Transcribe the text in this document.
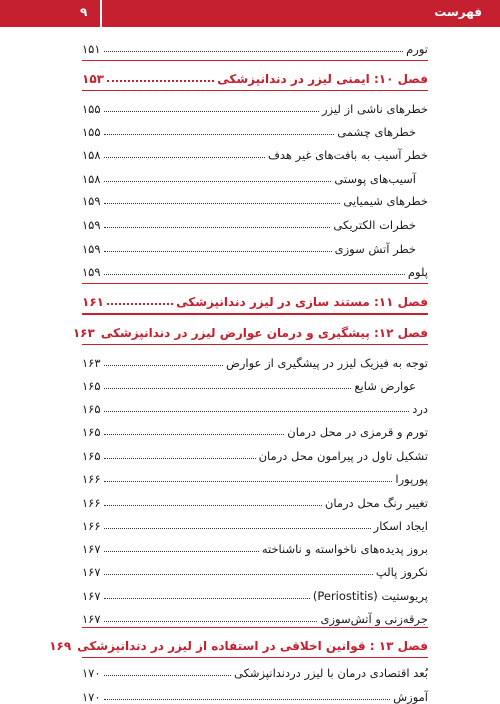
فهرست
۹
تورم
۱۵۱
فصل ۱۰: ایمنی لیزر در دندانپزشکی
۱۵۳
خطرهای ناشی از لیزر
۱۵۵
خطرهای چشمی
۱۵۵
خطر آسیب به بافت‌های غیر هدف
۱۵۸
آسیب‌های پوستی
۱۵۸
خطرهای شیمیایی
۱۵۹
خطرات الکتریکی
۱۵۹
خطر آتش سوزی
۱۵۹
پلوم
۱۵۹
فصل ۱۱: مستند سازی در لیزر دندانپزشکی
۱۶۱
فصل ۱۲: پیشگیری و درمان عوارض لیزر در دندانپزشکی
۱۶۳
توجه به فیزیک لیزر در پیشگیری از عوارض
۱۶۳
عوارض شایع
۱۶۵
درد
۱۶۵
تورم و قرمزی در محل درمان
۱۶۵
تشکیل تاول در پیرامون محل درمان
۱۶۵
پورپورا
۱۶۶
تغییر رنگ محل درمان
۱۶۶
ایجاد اسکار
۱۶۶
بروز پدیده‌های ناخواسته و ناشناخته
۱۶۷
نکروز پالپ
۱۶۷
پریوستیت (Periostitis)
۱۶۷
جرقه‌زنی و آتش‌سوزی
۱۶۷
فصل ۱۳ : قوانین اخلاقی در استفاده از لیزر در دندانپزشکی
۱۶۹
بُعد اقتصادی درمان با لیزر دردندانپزشکی
۱۷۰
آموزش
۱۷۰
